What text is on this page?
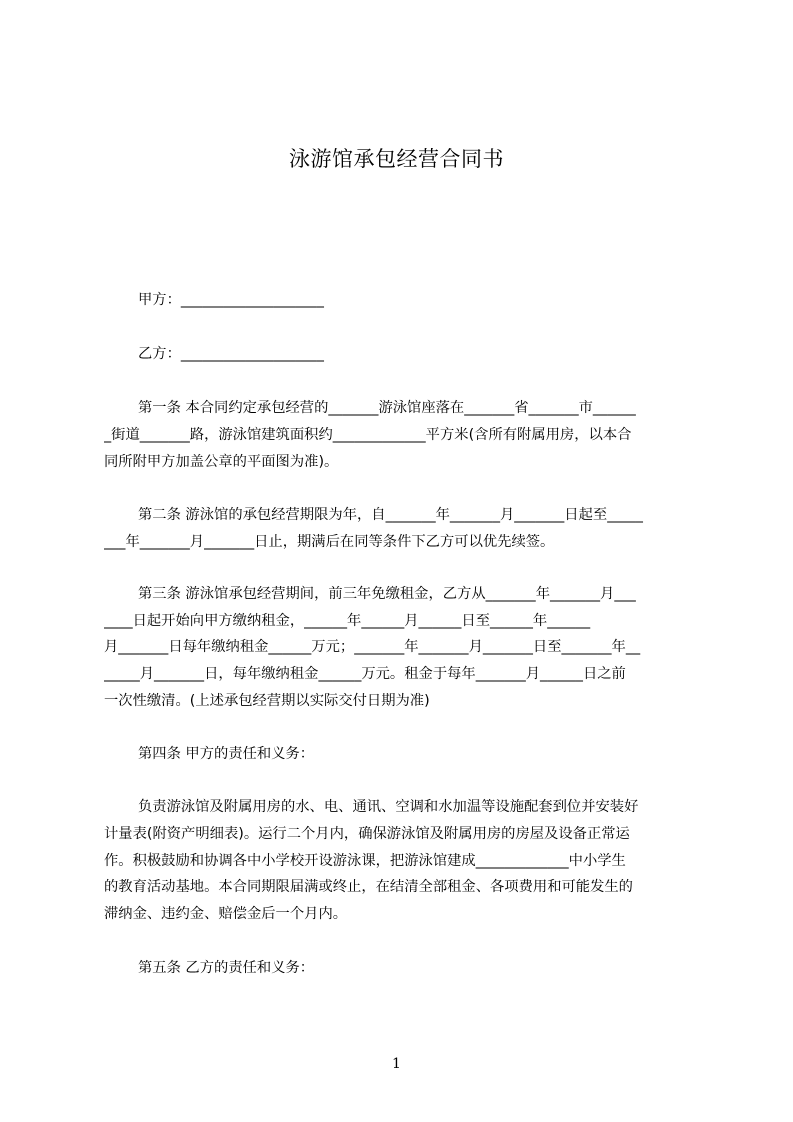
泳游馆承包经营合同书
甲方：____________________
乙方：____________________
第一条 本合同约定承包经营的_______游泳馆座落在_______省_______市______
_街道_______路，游泳馆建筑面积约_____________平方米(含所有附属用房，以本合
同所附甲方加盖公章的平面图为准)。
第二条 游泳馆的承包经营期限为年，自_______年_______月_______日起至_____
___年_______月_______日止，期满后在同等条件下乙方可以优先续签。
第三条 游泳馆承包经营期间，前三年免缴租金，乙方从_______年_______月___
____日起开始向甲方缴纳租金，______年______月______日至______年______
月_______日每年缴纳租金______万元；_______年_______月_______日至_______年__
_____月_______日，每年缴纳租金______万元。租金于每年_______月______日之前
一次性缴清。(上述承包经营期以实际交付日期为准)
第四条 甲方的责任和义务：
负责游泳馆及附属用房的水、电、通讯、空调和水加温等设施配套到位并安装好
计量表(附资产明细表)。运行二个月内，确保游泳馆及附属用房的房屋及设备正常运
作。积极鼓励和协调各中小学校开设游泳课，把游泳馆建成_____________中小学生
的教育活动基地。本合同期限届满或终止，在结清全部租金、各项费用和可能发生的
滞纳金、违约金、赔偿金后一个月内。
第五条 乙方的责任和义务：
1
